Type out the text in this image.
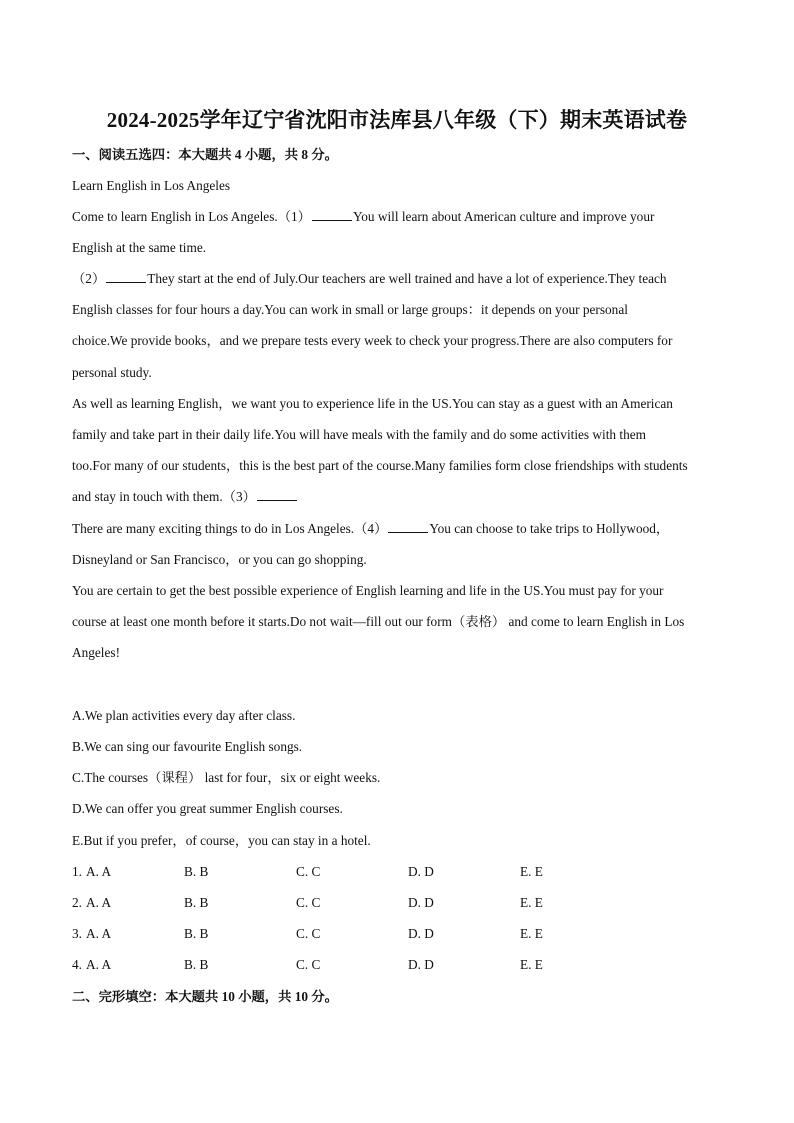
2024-2025学年辽宁省沈阳市法库县八年级（下）期末英语试卷
一、阅读五选四：本大题共 4 小题，共 8 分。
Learn English in Los Angeles
Come to learn English in Los Angeles.（1）	You will learn about American culture and improve your
English at the same time.
（2）	They start at the end of July.Our teachers are well trained and have a lot of experience.They teach
English classes for four hours a day.You can work in small or large groups：it depends on your personal
choice.We provide books，and we prepare tests every week to check your progress.There are also computers for
personal study.
As well as learning English，we want you to experience life in the US.You can stay as a guest with an American
family and take part in their daily life.You will have meals with the family and do some activities with them
too.For many of our students，this is the best part of the course.Many families form close friendships with students
and stay in touch with them.（3）
There are many exciting things to do in Los Angeles.（4）	You can choose to take trips to Hollywood，
Disneyland or San Francisco，or you can go shopping.
You are certain to get the best possible experience of English learning and life in the US.You must pay for your
course at least one month before it starts.Do not wait—fill out our form（表格） and come to learn English in Los
Angeles!
A.We plan activities every day after class.
B.We can sing our favourite English songs.
C.The courses（课程） last for four，six or eight weeks.
D.We can offer you great summer English courses.
E.But if you prefer，of course，you can stay in a hotel.
1. A. A	B. B	C. C	D. D	E. E
2. A. A	B. B	C. C	D. D	E. E
3. A. A	B. B	C. C	D. D	E. E
4. A. A	B. B	C. C	D. D	E. E
二、完形填空：本大题共 10 小题，共 10 分。
